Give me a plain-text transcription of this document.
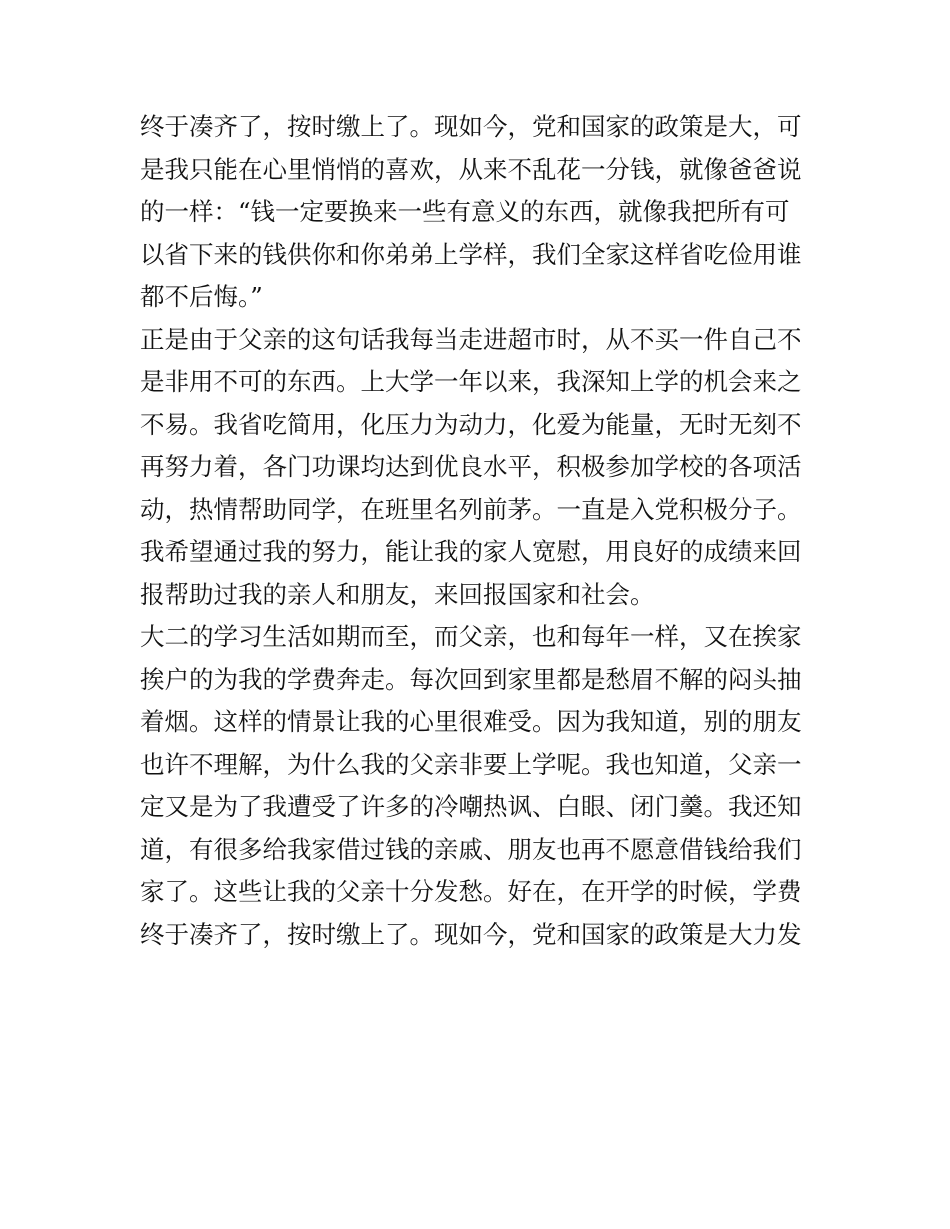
终于凑齐了，按时缴上了。现如今，党和国家的政策是大，可
是我只能在心里悄悄的喜欢，从来不乱花一分钱，就像爸爸说
的一样：“钱一定要换来一些有意义的东西，就像我把所有可
以省下来的钱供你和你弟弟上学样，我们全家这样省吃俭用谁
都不后悔。”
正是由于父亲的这句话我每当走进超市时，从不买一件自己不
是非用不可的东西。上大学一年以来，我深知上学的机会来之
不易。我省吃简用，化压力为动力，化爱为能量，无时无刻不
再努力着，各门功课均达到优良水平，积极参加学校的各项活
动，热情帮助同学，在班里名列前茅。一直是入党积极分子。
我希望通过我的努力，能让我的家人宽慰，用良好的成绩来回
报帮助过我的亲人和朋友，来回报国家和社会。
大二的学习生活如期而至，而父亲，也和每年一样，又在挨家
挨户的为我的学费奔走。每次回到家里都是愁眉不解的闷头抽
着烟。这样的情景让我的心里很难受。因为我知道，别的朋友
也许不理解，为什么我的父亲非要上学呢。我也知道，父亲一
定又是为了我遭受了许多的冷嘲热讽、白眼、闭门羹。我还知
道，有很多给我家借过钱的亲戚、朋友也再不愿意借钱给我们
家了。这些让我的父亲十分发愁。好在，在开学的时候，学费
终于凑齐了，按时缴上了。现如今，党和国家的政策是大力发
